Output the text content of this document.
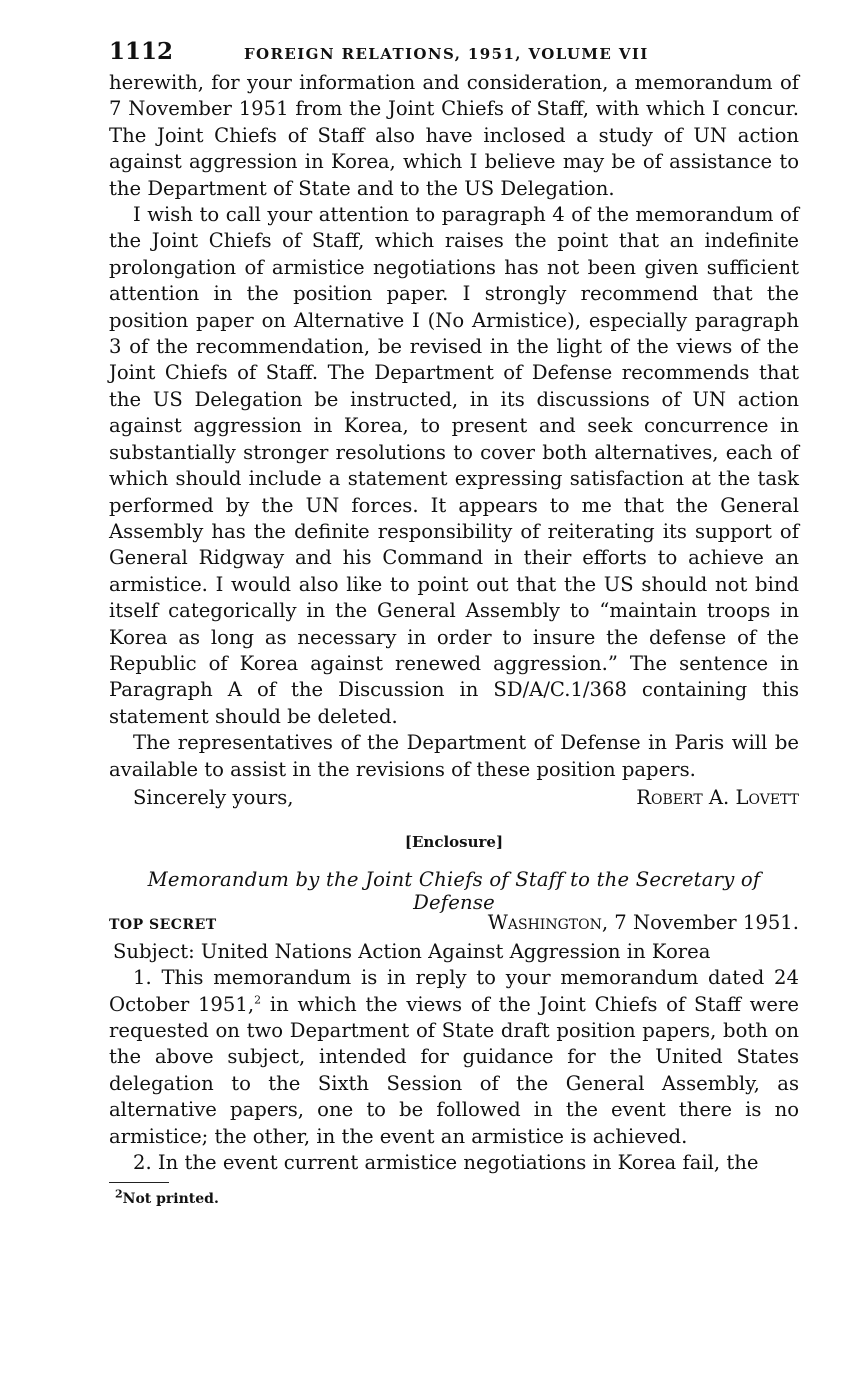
1112	FOREIGN RELATIONS, 1951, VOLUME VII

herewith, for your information and consideration, a memorandum of 7 November 1951 from the Joint Chiefs of Staff, with which I concur. The Joint Chiefs of Staff also have inclosed a study of UN action against aggression in Korea, which I believe may be of assistance to the Department of State and to the US Delegation.

I wish to call your attention to paragraph 4 of the memorandum of the Joint Chiefs of Staff, which raises the point that an indefinite prolongation of armistice negotiations has not been given sufficient attention in the position paper. I strongly recommend that the position paper on Alternative I (No Armistice), especially paragraph 3 of the recommendation, be revised in the light of the views of the Joint Chiefs of Staff. The Department of Defense recommends that the US Delegation be instructed, in its discussions of UN action against aggression in Korea, to present and seek concurrence in substantially stronger resolutions to cover both alternatives, each of which should include a statement expressing satisfaction at the task performed by the UN forces. It appears to me that the General Assembly has the definite responsibility of reiterating its support of General Ridgway and his Command in their efforts to achieve an armistice. I would also like to point out that the US should not bind itself categorically in the General Assembly to “maintain troops in Korea as long as necessary in order to insure the defense of the Republic of Korea against renewed aggression.” The sentence in Paragraph A of the Discussion in SD/A/C.1/368 containing this statement should be deleted.

The representatives of the Department of Defense in Paris will be available to assist in the revisions of these position papers.

Sincerely yours,	Robert A. Lovett
[Enclosure]
Memorandum by the Joint Chiefs of Staff to the Secretary of Defense
TOP SECRET	Washington, 7 November 1951.
Subject: United Nations Action Against Aggression in Korea

1. This memorandum is in reply to your memorandum dated 24 October 1951,$^2$ in which the views of the Joint Chiefs of Staff were requested on two Department of State draft position papers, both on the above subject, intended for guidance for the United States delegation to the Sixth Session of the General Assembly, as alternative papers, one to be followed in the event there is no armistice; the other, in the event an armistice is achieved.

2. In the event current armistice negotiations in Korea fail, the

$^2$Not printed.
